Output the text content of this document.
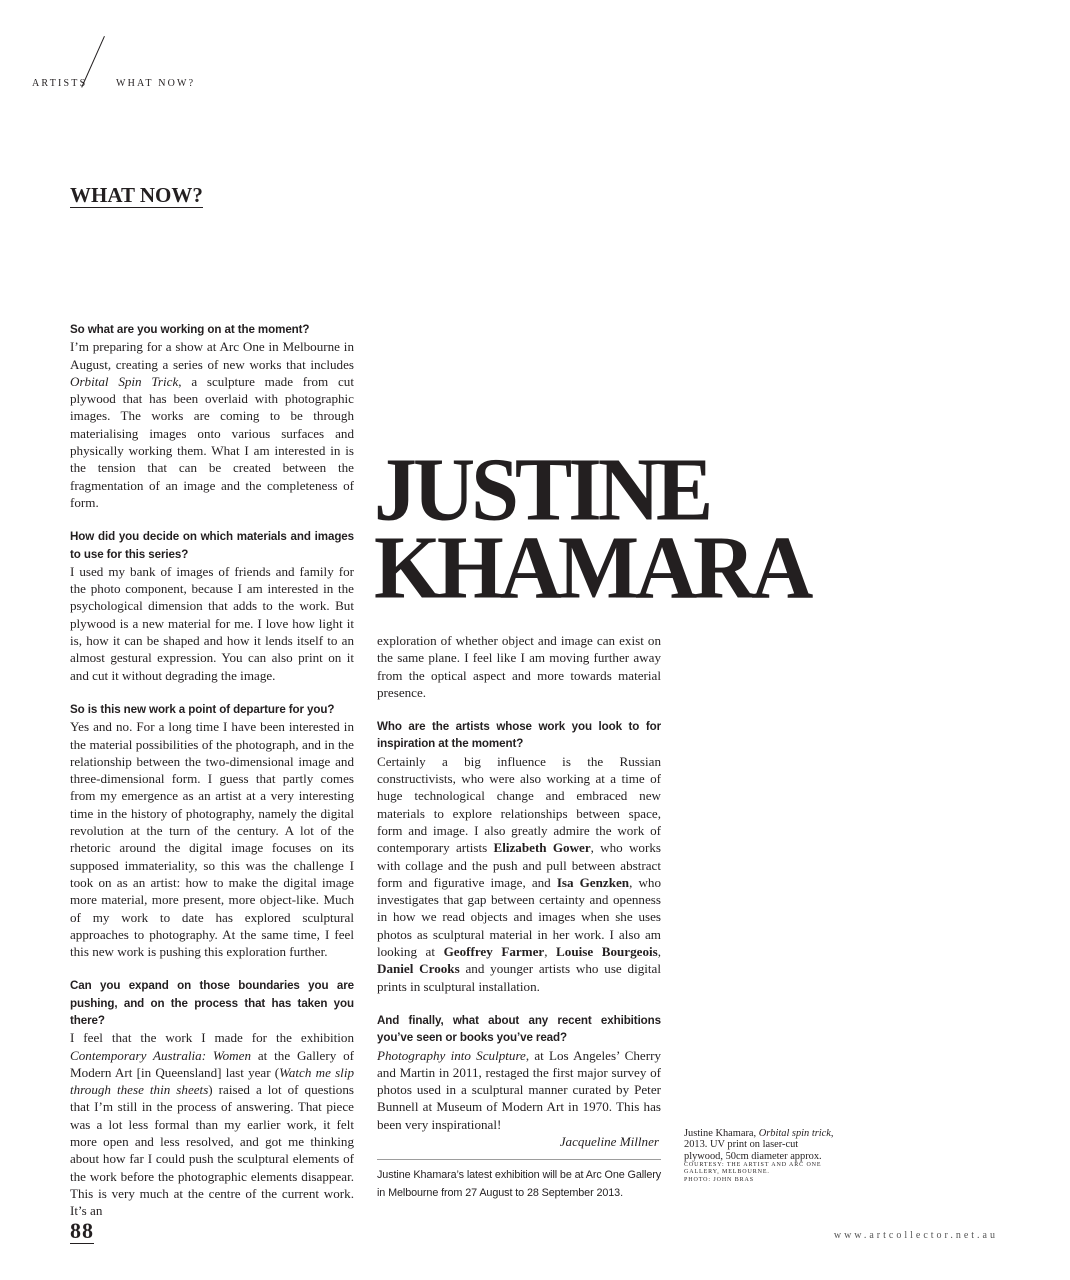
ARTISTS	WHAT NOW?
WHAT NOW?

So what are you working on at the moment?

I’m preparing for a show at Arc One in Melbourne in August, creating a series of new works that includes Orbital Spin Trick, a sculpture made from cut plywood that has been overlaid with photographic images. The works are coming to be through materialising images onto various surfaces and physically working them. What I am interested in is the tension that can be created between the fragmentation of an image and the completeness of form.

How did you decide on which materials and images to use for this series?

I used my bank of images of friends and family for the photo component, because I am interested in the psychological dimension that adds to the work. But plywood is a new material for me. I love how light it is, how it can be shaped and how it lends itself to an almost gestural expression. You can also print on it and cut it without degrading the image.

So is this new work a point of departure for you?

Yes and no. For a long time I have been interested in the material possibilities of the photograph, and in the relationship between the two-dimensional image and three-dimensional form. I guess that partly comes from my emergence as an artist at a very interesting time in the history of photography, namely the digital revolution at the turn of the century. A lot of the rhetoric around the digital image focuses on its supposed immateriality, so this was the challenge I took on as an artist: how to make the digital image more material, more present, more object-like. Much of my work to date has explored sculptural approaches to photography. At the same time, I feel this new work is pushing this exploration further.

Can you expand on those boundaries you are pushing, and on the process that has taken you there?

I feel that the work I made for the exhibition Contemporary Australia: Women at the Gallery of Modern Art [in Queensland] last year (Watch me slip through these thin sheets) raised a lot of questions that I’m still in the process of answering. That piece was a lot less formal than my earlier work, it felt more open and less resolved, and got me thinking about how far I could push the sculptural elements of the work before the photographic elements disappear. This is very much at the centre of the current work. It’s an

JUSTINE
KHAMARA

exploration of whether object and image can exist on the same plane. I feel like I am moving further away from the optical aspect and more towards material presence.

Who are the artists whose work you look to for inspiration at the moment?

Certainly a big influence is the Russian constructivists, who were also working at a time of huge technological change and embraced new materials to explore relationships between space, form and image. I also greatly admire the work of contemporary artists Elizabeth Gower, who works with collage and the push and pull between abstract form and figurative image, and Isa Genzken, who investigates that gap between certainty and openness in how we read objects and images when she uses photos as sculptural material in her work. I also am looking at Geoffrey Farmer, Louise Bourgeois, Daniel Crooks and younger artists who use digital prints in sculptural installation.

And finally, what about any recent exhibitions you’ve seen or books you’ve read?

Photography into Sculpture, at Los Angeles’ Cherry and Martin in 2011, restaged the first major survey of photos used in a sculptural manner curated by Peter Bunnell at Museum of Modern Art in 1970. This has been very inspirational!

Jacqueline Millner

Justine Khamara’s latest exhibition will be at Arc One Gallery in Melbourne from 27 August to 28 September 2013.

Justine Khamara, Orbital spin trick, 2013. UV print on laser-cut plywood, 50cm diameter approx.

COURTESY: THE ARTIST AND ARC ONE GALLERY, MELBOURNE.
PHOTO: JOHN BRAS

88	www.artcollector.net.au
